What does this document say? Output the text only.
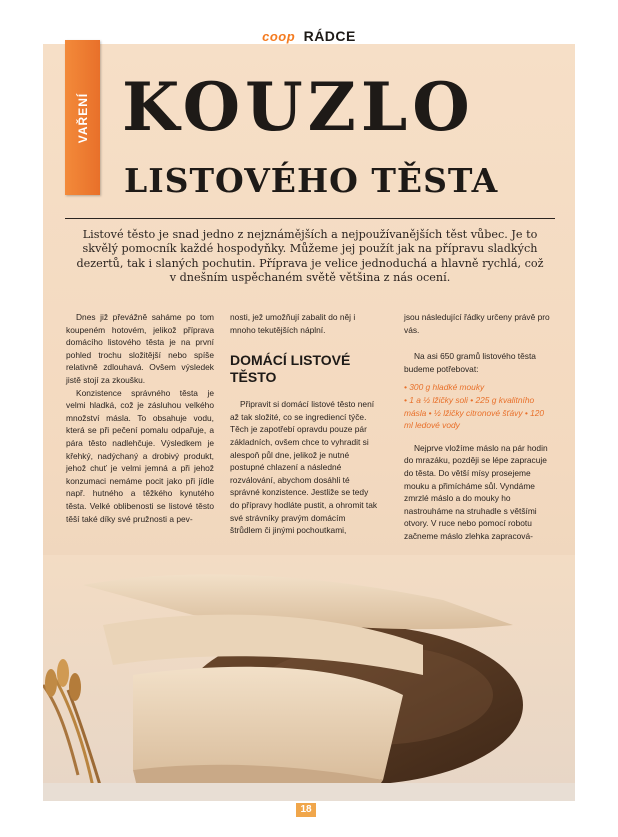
coop RÁDCE
VAŘENÍ KOUZLO
LISTOVÉHO TĚSTA
Listové těsto je snad jedno z nejznámějších a nejpoužívanějších těst vůbec. Je to skvělý pomocník každé hospodyňky. Můžeme jej použít jak na přípravu sladkých dezertů, tak i slaných pochutin. Příprava je velice jednoduchá a hlavně rychlá, což v dnešním uspěchaném světě většina z nás ocení.

Dnes již převážně saháme po tom koupeném hotovém, jelikož příprava domácího listového těsta je na první pohled trochu složitější nebo spíše relativně zdlouhavá. Ovšem výsledek jistě stojí za zkoušku.

Konzistence správného těsta je velmi hladká, což je zásluhou velkého množství másla. To obsahuje vodu, která se při pečení pomalu odpařuje, a pára těsto nadlehčuje. Výsledkem je křehký, nadýchaný a drobivý produkt, jehož chuť je velmi jemná a při jehož konzumaci nemáme pocit jako při jídle např. hutného a těžkého kynutého těsta. Velké oblibenosti se listové těsto těší také díky své pružnosti a pev-

nosti, jež umožňují zabalit do něj i mnoho tekutějších náplní.

DOMÁCÍ LISTOVÉ TĚSTO

Připravit si domácí listové těsto není až tak složité, co se ingrediencí týče. Těch je zapotřebí opravdu pouze pár základních, ovšem chce to vyhradit si alespoň půl dne, jelikož je nutné postupné chlazení a následné rozválování, abychom dosáhli té správné konzistence. Jestliže se tedy do přípravy hodláte pustit, a ohromit tak své strávníky pravým domácím štrůdlem či jinými pochoutkami,

jsou následující řádky určeny právě pro vás.

Na asi 650 gramů listového těsta budeme potřebovat:

• 300 g hladké mouky
• 1 a ½ lžičky soli • 225 g kvalitního másla • ½ lžičky citronové šťávy • 120 ml ledové vody

Nejprve vložíme máslo na pár hodin do mrazáku, později se lépe zapracuje do těsta. Do větší mísy prosejeme mouku a přimícháme sůl. Vyndáme zmrzlé máslo a do mouky ho nastrouháme na struhadle s většími otvory. V ruce nebo pomocí robotu začneme máslo zlehka zapracová-

18
